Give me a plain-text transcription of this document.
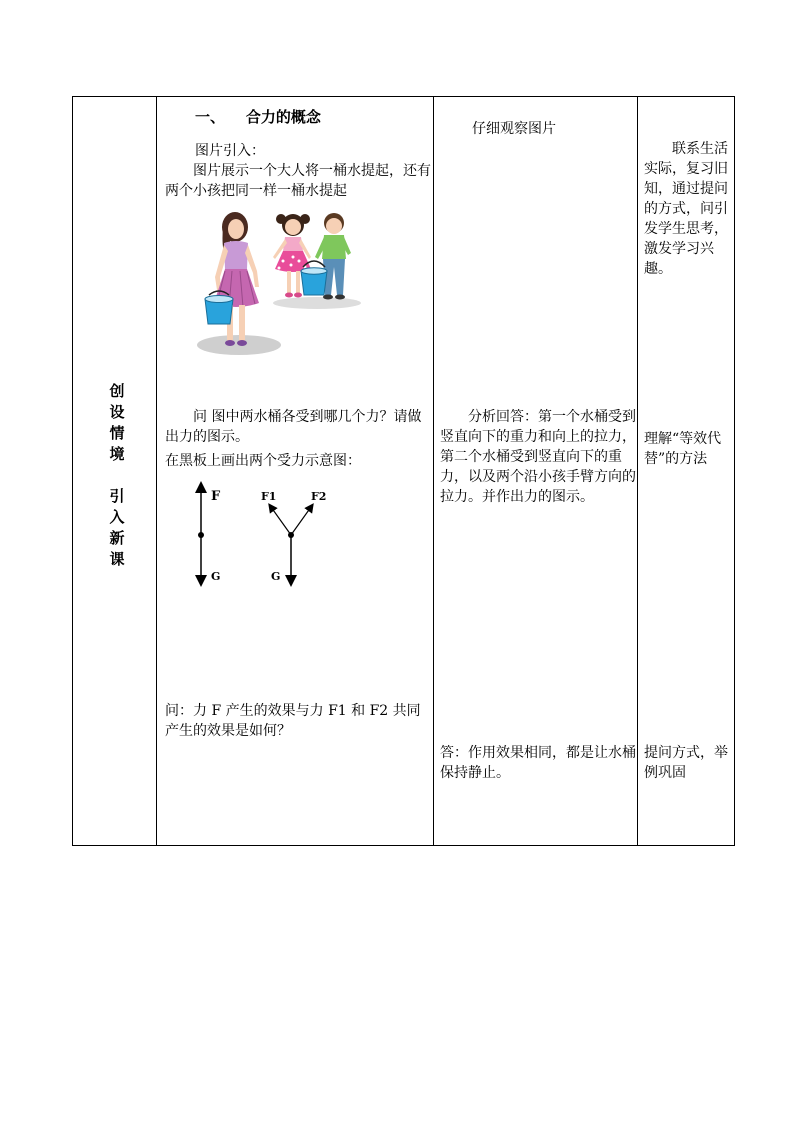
创
设
情
境
引
入
新
课

一、    合力的概念
图片引入：
图片展示一个大人将一桶水提起，还有两个小孩把同一样一桶水提起
问 图中两水桶各受到哪几个力？请做出力的图示。
在黑板上画出两个受力示意图：
F
G
F1	F2
G
问：力 F 产生的效果与力 F1 和 F2 共同产生的效果是如何？

仔细观察图片
分析回答：第一个水桶受到竖直向下的重力和向上的拉力，第二个水桶受到竖直向下的重力，以及两个沿小孩手臂方向的拉力。并作出力的图示。
答：作用效果相同，都是让水桶保持静止。

联系生活实际，复习旧知，通过提问的方式，问引发学生思考，激发学习兴趣。
理解“等效代替”的方法
提问方式，举例巩固
